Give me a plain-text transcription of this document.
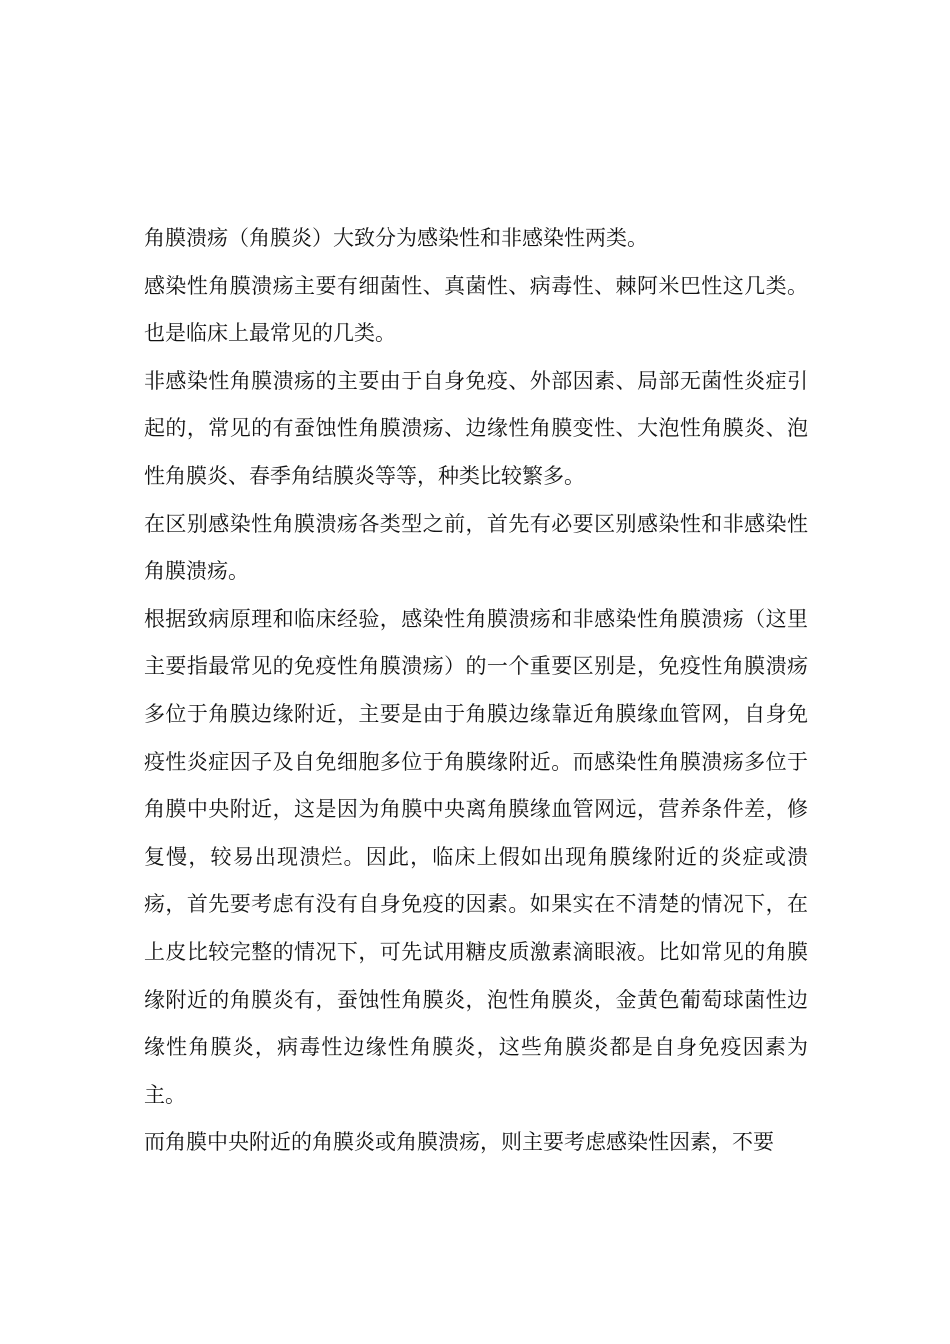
角膜溃疡（角膜炎）大致分为感染性和非感染性两类。

感染性角膜溃疡主要有细菌性、真菌性、病毒性、棘阿米巴性这几类。也是临床上最常见的几类。

非感染性角膜溃疡的主要由于自身免疫、外部因素、局部无菌性炎症引起的，常见的有蚕蚀性角膜溃疡、边缘性角膜变性、大泡性角膜炎、泡性角膜炎、春季角结膜炎等等，种类比较繁多。

在区别感染性角膜溃疡各类型之前，首先有必要区别感染性和非感染性角膜溃疡。

根据致病原理和临床经验，感染性角膜溃疡和非感染性角膜溃疡（这里主要指最常见的免疫性角膜溃疡）的一个重要区别是，免疫性角膜溃疡多位于角膜边缘附近，主要是由于角膜边缘靠近角膜缘血管网，自身免疫性炎症因子及自免细胞多位于角膜缘附近。而感染性角膜溃疡多位于角膜中央附近，这是因为角膜中央离角膜缘血管网远，营养条件差，修复慢，较易出现溃烂。因此，临床上假如出现角膜缘附近的炎症或溃疡，首先要考虑有没有自身免疫的因素。如果实在不清楚的情况下，在上皮比较完整的情况下，可先试用糖皮质激素滴眼液。比如常见的角膜缘附近的角膜炎有，蚕蚀性角膜炎，泡性角膜炎，金黄色葡萄球菌性边缘性角膜炎，病毒性边缘性角膜炎，这些角膜炎都是自身免疫因素为主。

而角膜中央附近的角膜炎或角膜溃疡，则主要考虑感染性因素，不要
